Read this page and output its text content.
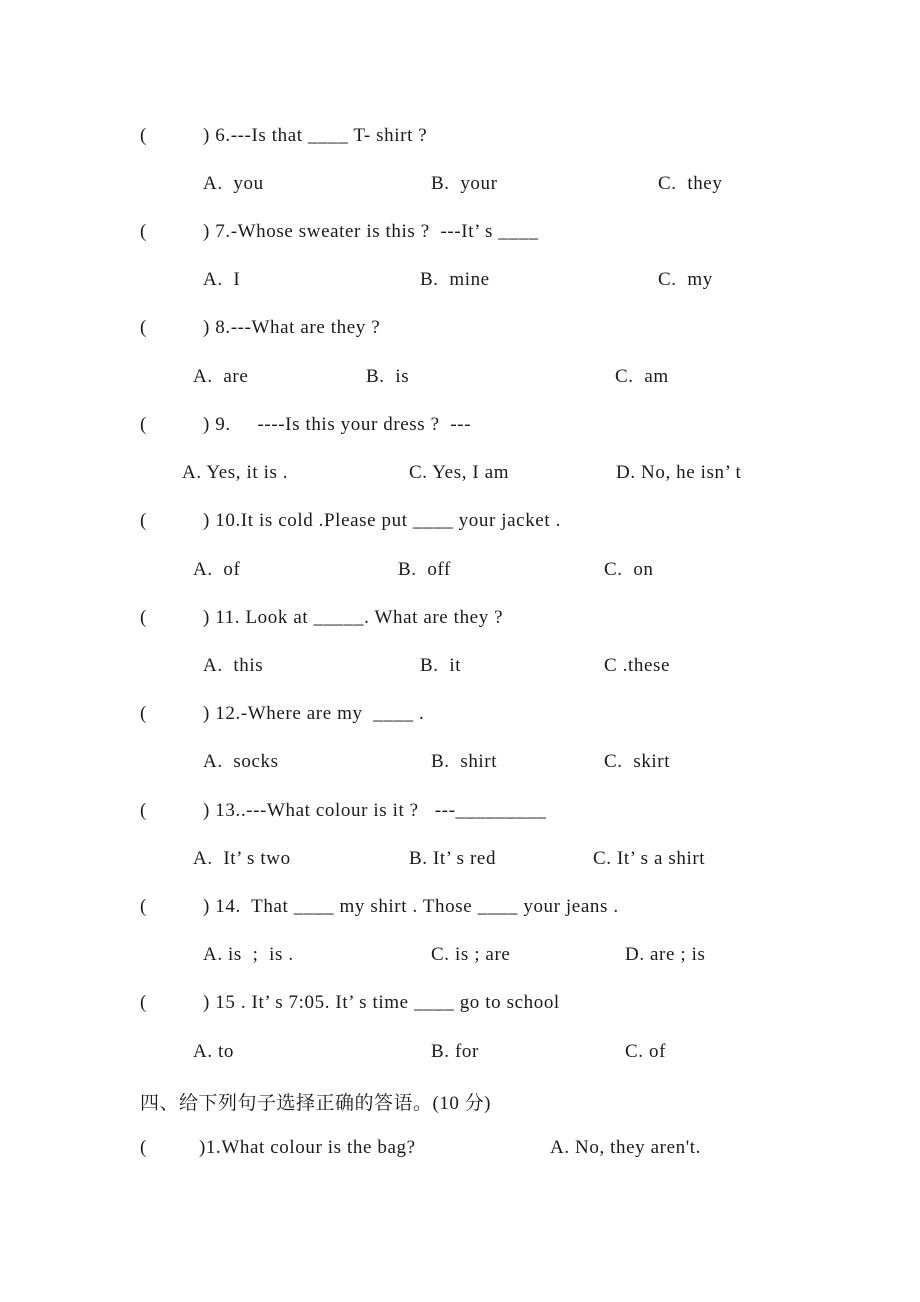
(	) 6.---Is that ____ T- shirt ?
A.  you	B.  your	C.  they
(	) 7.-Whose sweater is this ?  ---It’ s ____
A.  I	B.  mine	C.  my
(	) 8.---What are they ?
A.  are	B.  is	C.  am
(	) 9.     ----Is this your dress ?  ---
A. Yes, it is .	C. Yes, I am	D. No, he isn’ t
(	) 10.It is cold .Please put ____ your jacket .
A.  of	B.  off	C.  on
(	) 11. Look at _____. What are they ?
A.  this	B.  it	C .these
(	) 12.-Where are my  ____ .
A.  socks	B.  shirt	C.  skirt
(	) 13..---What colour is it ?   ---_________
A.  It’ s two	B. It’ s red	C. It’ s a shirt
(	) 14.  That ____ my shirt . Those ____ your jeans .
A. is  ;  is .	C. is ; are	D. are ; is
(	) 15 . It’ s 7:05. It’ s time ____ go to school
A. to	B. for	C. of
四、给下列句子选择正确的答语。(10 分)
(	)1.What colour is the bag?	A. No, they aren't.
